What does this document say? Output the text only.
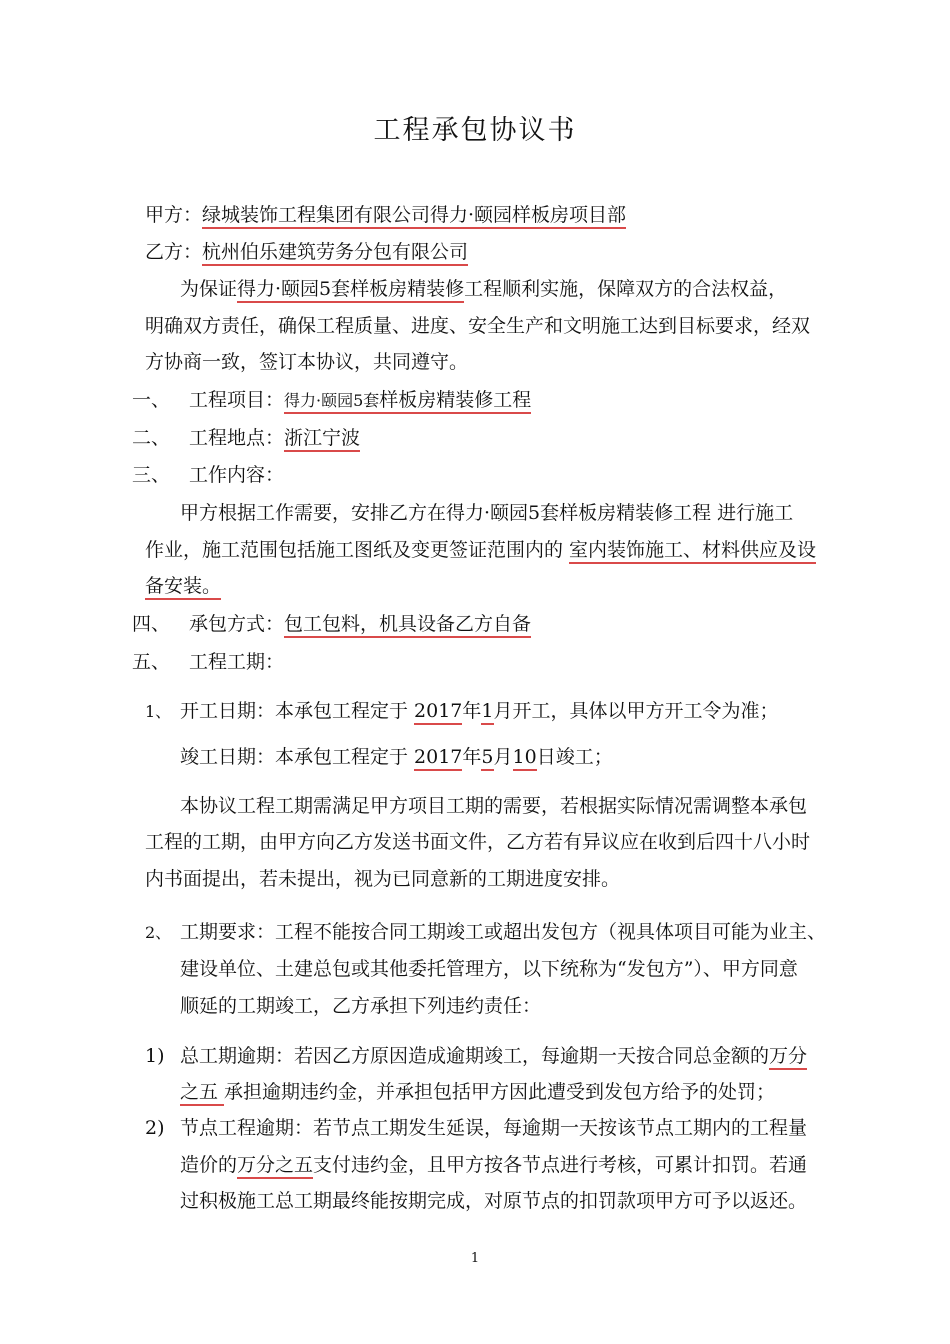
工程承包协议书
甲方：绿城装饰工程集团有限公司得力·颐园样板房项目部
乙方：杭州伯乐建筑劳务分包有限公司
为保证得力·颐园5套样板房精装修工程顺利实施，保障双方的合法权益，
明确双方责任，确保工程质量、进度、安全生产和文明施工达到目标要求，经双
方协商一致，签订本协议，共同遵守。
一、 工程项目：得力·颐园5套样板房精装修工程
二、 工程地点：浙江宁波
三、 工作内容：
甲方根据工作需要，安排乙方在得力·颐园5套样板房精装修工程 进行施工
作业，施工范围包括施工图纸及变更签证范围内的 室内装饰施工、材料供应及设
备安装。
四、 承包方式：包工包料，机具设备乙方自备
五、 工程工期：
1、 开工日期：本承包工程定于 2017年1月开工，具体以甲方开工令为准；
竣工日期：本承包工程定于 2017年5月10日竣工；
本协议工程工期需满足甲方项目工期的需要，若根据实际情况需调整本承包
工程的工期，由甲方向乙方发送书面文件，乙方若有异议应在收到后四十八小时
内书面提出，若未提出，视为已同意新的工期进度安排。
2、 工期要求：工程不能按合同工期竣工或超出发包方（视具体项目可能为业主、
建设单位、土建总包或其他委托管理方，以下统称为“发包方”）、甲方同意
顺延的工期竣工，乙方承担下列违约责任：
1) 总工期逾期：若因乙方原因造成逾期竣工，每逾期一天按合同总金额的万分
之五 承担逾期违约金，并承担包括甲方因此遭受到发包方给予的处罚；
2) 节点工程逾期：若节点工期发生延误，每逾期一天按该节点工期内的工程量
造价的万分之五支付违约金，且甲方按各节点进行考核，可累计扣罚。若通
过积极施工总工期最终能按期完成，对原节点的扣罚款项甲方可予以返还。
1
